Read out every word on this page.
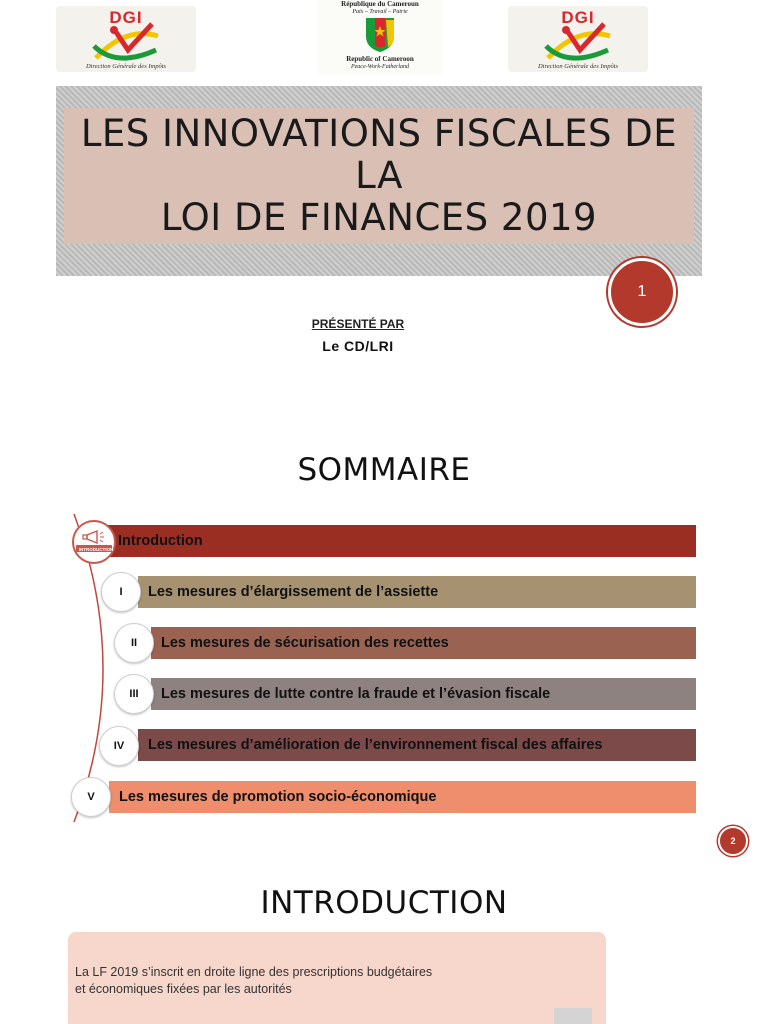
DGI
Direction Générale des Impôts
République du Cameroun
Paix – Travail – Patrie
Republic of Cameroon
Peace-Work-Fatherland
DGI
Direction Générale des Impôts
LES INNOVATIONS FISCALES DE LA
LOI DE FINANCES 2019
1
PRÉSENTÉ PAR
Le CD/LRI
SOMMAIRE
Introduction
INTRODUCTION
Les mesures d’élargissement de l’assiette
I
Les mesures de sécurisation des recettes
II
Les mesures de lutte contre la fraude et l’évasion fiscale
III
Les mesures d’amélioration de l’environnement fiscal des affaires
IV
Les mesures de promotion socio-économique
V
2
INTRODUCTION
La LF 2019 s’inscrit en droite ligne des prescriptions budgétaires
et économiques fixées par les autorités
